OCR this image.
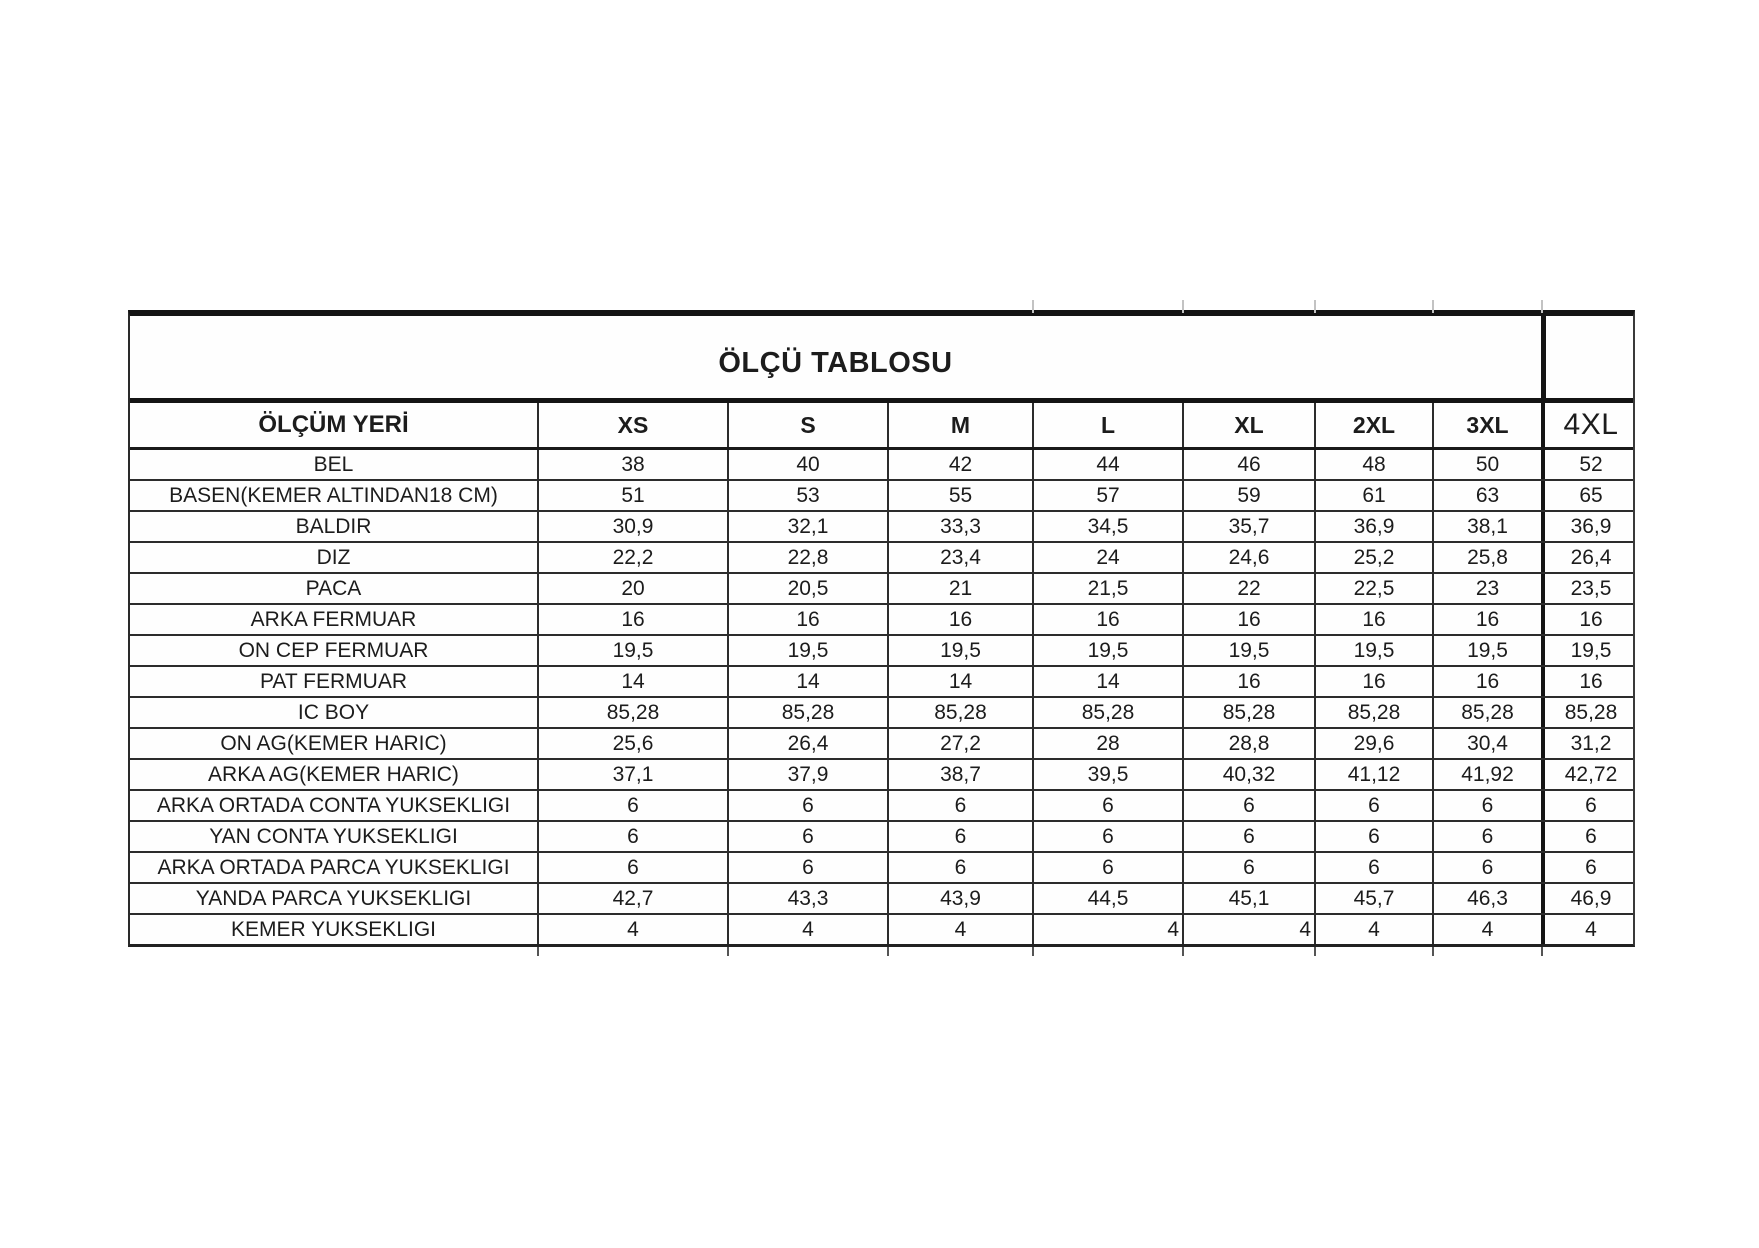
ÖLÇÜ TABLOSU
ÖLÇÜM YERİ	XS	S	M	L	XL	2XL	3XL	4XL
BEL	38	40	42	44	46	48	50	52
BASEN(KEMER ALTINDAN18 CM)	51	53	55	57	59	61	63	65
BALDIR	30,9	32,1	33,3	34,5	35,7	36,9	38,1	36,9
DIZ	22,2	22,8	23,4	24	24,6	25,2	25,8	26,4
PACA	20	20,5	21	21,5	22	22,5	23	23,5
ARKA FERMUAR	16	16	16	16	16	16	16	16
ON CEP FERMUAR	19,5	19,5	19,5	19,5	19,5	19,5	19,5	19,5
PAT FERMUAR	14	14	14	14	16	16	16	16
IC BOY	85,28	85,28	85,28	85,28	85,28	85,28	85,28	85,28
ON AG(KEMER HARIC)	25,6	26,4	27,2	28	28,8	29,6	30,4	31,2
ARKA AG(KEMER HARIC)	37,1	37,9	38,7	39,5	40,32	41,12	41,92	42,72
ARKA ORTADA CONTA YUKSEKLIGI	6	6	6	6	6	6	6	6
YAN CONTA YUKSEKLIGI	6	6	6	6	6	6	6	6
ARKA ORTADA PARCA YUKSEKLIGI	6	6	6	6	6	6	6	6
YANDA PARCA YUKSEKLIGI	42,7	43,3	43,9	44,5	45,1	45,7	46,3	46,9
KEMER YUKSEKLIGI	4	4	4	4	4	4	4	4
